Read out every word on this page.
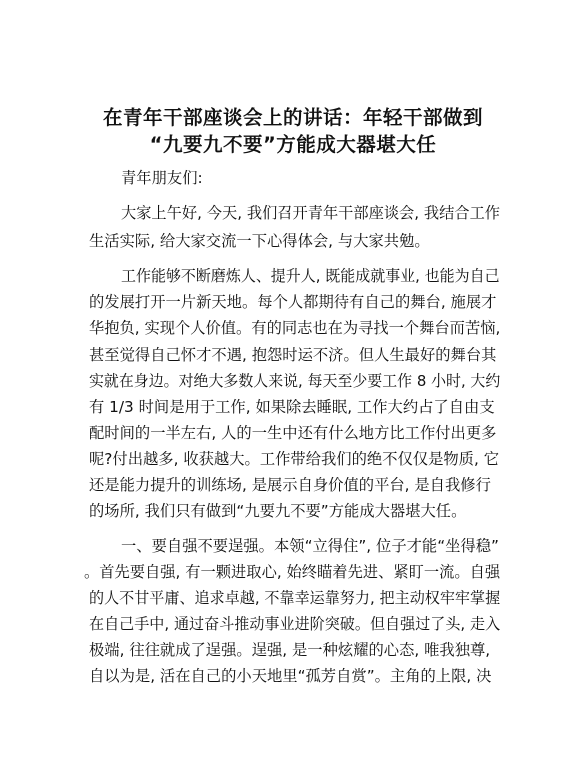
在青年干部座谈会上的讲话：年轻干部做到
“九要九不要”方能成大器堪大任
青年朋友们:
大家上午好, 今天, 我们召开青年干部座谈会, 我结合工作
生活实际, 给大家交流一下心得体会, 与大家共勉。
工作能够不断磨炼人、提升人, 既能成就事业, 也能为自己
的发展打开一片新天地。每个人都期待有自己的舞台, 施展才
华抱负, 实现个人价值。有的同志也在为寻找一个舞台而苦恼,
甚至觉得自己怀才不遇, 抱怨时运不济。但人生最好的舞台其
实就在身边。对绝大多数人来说, 每天至少要工作 8 小时, 大约
有 1/3 时间是用于工作, 如果除去睡眠, 工作大约占了自由支
配时间的一半左右, 人的一生中还有什么地方比工作付出更多
呢?付出越多, 收获越大。工作带给我们的绝不仅仅是物质, 它
还是能力提升的训练场, 是展示自身价值的平台, 是自我修行
的场所, 我们只有做到“九要九不要”方能成大器堪大任。
一、要自强不要逞强。本领“立得住”, 位子才能“坐得稳”
。首先要自强, 有一颗进取心, 始终瞄着先进、紧盯一流。自强
的人不甘平庸、追求卓越, 不靠幸运靠努力, 把主动权牢牢掌握
在自己手中, 通过奋斗推动事业进阶突破。但自强过了头, 走入
极端, 往往就成了逞强。逞强, 是一种炫耀的心态, 唯我独尊,
自以为是, 活在自己的小天地里“孤芳自赏”。主角的上限, 决
